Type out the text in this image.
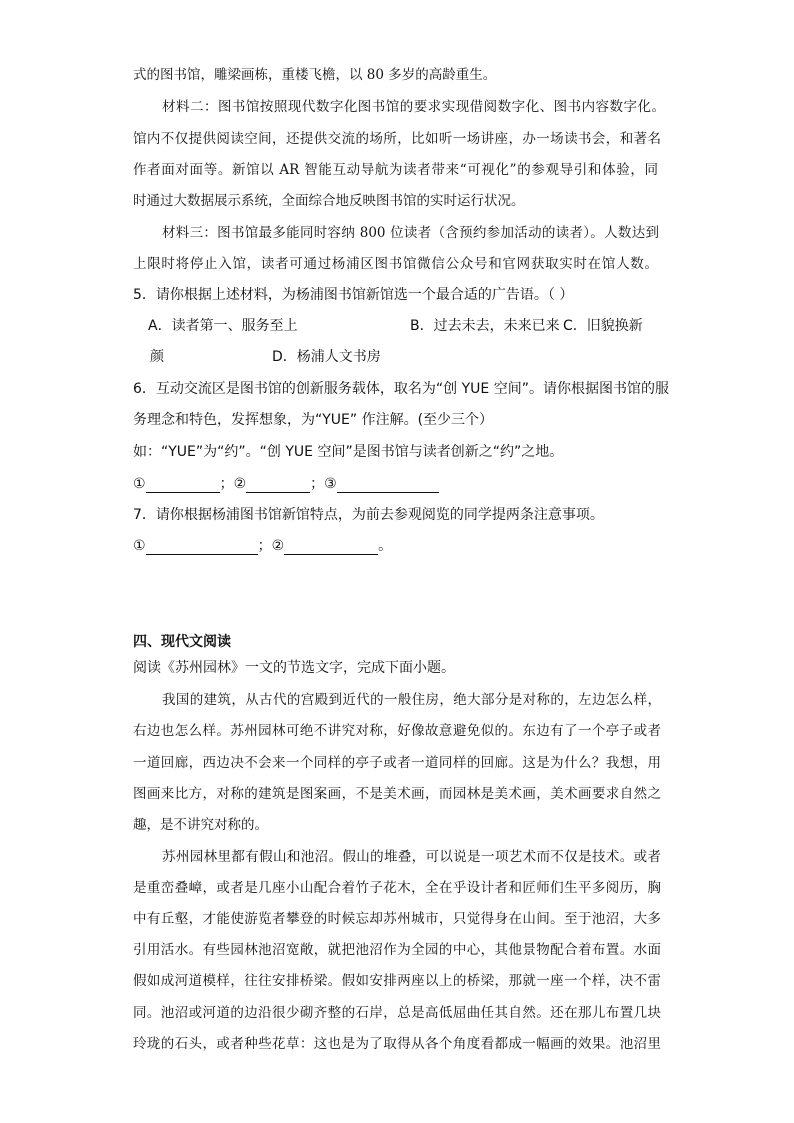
式的图书馆，雕梁画栋，重楼飞檐，以 80 多岁的高龄重生。
材料二：图书馆按照现代数字化图书馆的要求实现借阅数字化、图书内容数字化。
馆内不仅提供阅读空间，还提供交流的场所，比如听一场讲座，办一场读书会，和著名
作者面对面等。新馆以 AR 智能互动导航为读者带来“可视化”的参观导引和体验，同
时通过大数据展示系统，全面综合地反映图书馆的实时运行状况。
材料三：图书馆最多能同时容纳 800 位读者（含预约参加活动的读者）。人数达到
上限时将停止入馆，读者可通过杨浦区图书馆微信公众号和官网获取实时在馆人数。
5．请你根据上述材料，为杨浦图书馆新馆选一个最合适的广告语。（ ）
A．读者第一、服务至上	B．过去未去，未来已来 C．旧貌换新
颜	D．杨浦人文书房
6．互动交流区是图书馆的创新服务载体，取名为“创 YUE 空间”。请你根据图书馆的服
务理念和特色，发挥想象，为“YUE” 作注解。(至少三个）
如：“YUE”为“约”。“创 YUE 空间”是图书馆与读者创新之“约”之地。
①	； ②	； ③
7．请你根据杨浦图书馆新馆特点，为前去参观阅览的同学提两条注意事项。
①	； ②	。
四、现代文阅读
阅读《苏州园林》一文的节选文字，完成下面小题。
我国的建筑，从古代的宫殿到近代的一般住房，绝大部分是对称的，左边怎么样，
右边也怎么样。苏州园林可绝不讲究对称，好像故意避免似的。东边有了一个亭子或者
一道回廊，西边决不会来一个同样的亭子或者一道同样的回廊。这是为什么？我想，用
图画来比方，对称的建筑是图案画，不是美术画，而园林是美术画，美术画要求自然之
趣，是不讲究对称的。
苏州园林里都有假山和池沼。假山的堆叠，可以说是一项艺术而不仅是技术。或者
是重峦叠嶂，或者是几座小山配合着竹子花木，全在乎设计者和匠师们生平多阅历，胸
中有丘壑，才能使游览者攀登的时候忘却苏州城市，只觉得身在山间。至于池沼，大多
引用活水。有些园林池沼宽敞，就把池沼作为全园的中心，其他景物配合着布置。水面
假如成河道模样，往往安排桥梁。假如安排两座以上的桥梁，那就一座一个样，决不雷
同。池沼或河道的边沿很少砌齐整的石岸，总是高低屈曲任其自然。还在那儿布置几块
玲珑的石头，或者种些花草：这也是为了取得从各个角度看都成一幅画的效果。池沼里
